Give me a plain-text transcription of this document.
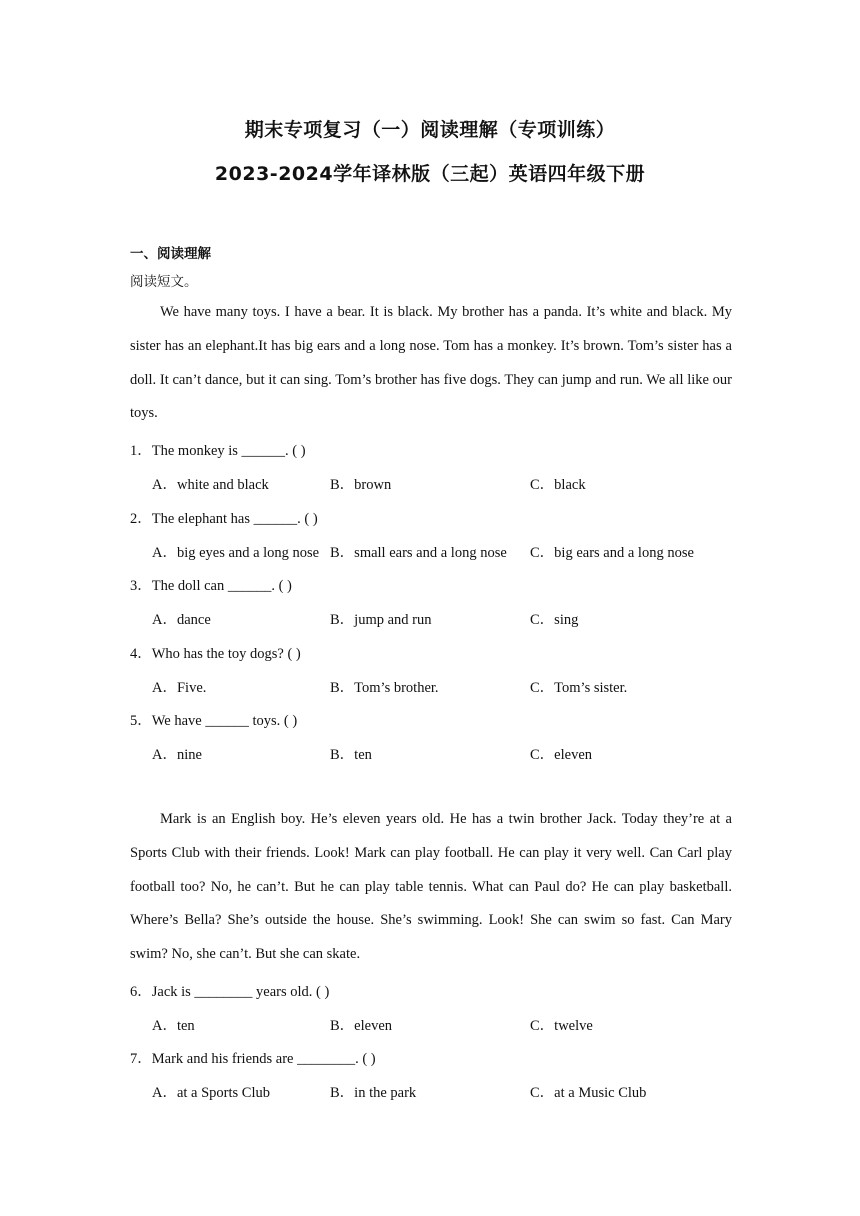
期末专项复习（一）阅读理解（专项训练）
2023-2024学年译林版（三起）英语四年级下册
一、阅读理解
阅读短文。

We have many toys. I have a bear. It is black. My brother has a panda. It’s white and black. My sister has an elephant.It has big ears and a long nose. Tom has a monkey. It’s brown. Tom’s sister has a doll. It can’t dance, but it can sing. Tom’s brother has five dogs. They can jump and run. We all like our toys.

1．The monkey is ______. ( )
A．white and black	B．brown	C．black
2．The elephant has ______. ( )
A．big eyes and a long nose B．small ears and a long nose C．big ears and a long nose
3．The doll can ______. ( )
A．dance	B．jump and run	C．sing
4．Who has the toy dogs? ( )
A．Five.	B．Tom’s brother.	C．Tom’s sister.
5．We have ______ toys. ( )
A．nine	B．ten	C．eleven

Mark is an English boy. He’s eleven years old. He has a twin brother Jack. Today they’re at a Sports Club with their friends. Look! Mark can play football. He can play it very well. Can Carl play football too? No, he can’t. But he can play table tennis. What can Paul do? He can play basketball. Where’s Bella? She’s outside the house. She’s swimming. Look! She can swim so fast. Can Mary swim? No, she can’t. But she can skate.

6．Jack is ________ years old. ( )
A．ten	B．eleven	C．twelve
7．Mark and his friends are ________. ( )
A．at a Sports Club	B．in the park	C．at a Music Club
